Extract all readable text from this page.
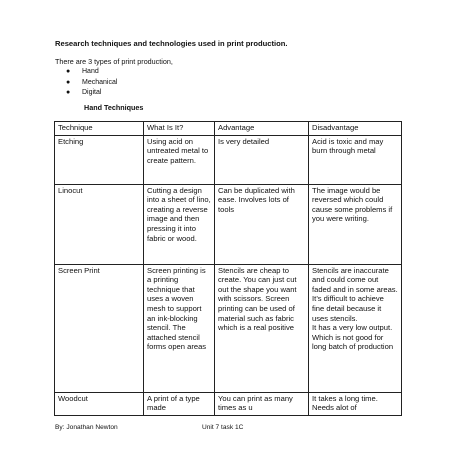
Research techniques and technologies used in print production.
There are 3 types of print production,
● Hand
● Mechanical
● Digital
Hand Techniques
Technique	What Is It?	Advantage	Disadvantage
Etching	Using acid on untreated metal to create pattern.	Is very detailed	Acid is toxic and may burn through metal
Linocut	Cutting a design into a sheet of lino, creating a reverse image and then pressing it into fabric or wood.	Can be duplicated with ease. Involves lots of tools	The image would be reversed which could cause some problems if you were writing.
Screen Print	Screen printing is a printing technique that uses a woven mesh to support an ink-blocking stencil. The attached stencil forms open areas	Stencils are cheap to create. You can just cut out the shape you want with scissors. Screen printing can be used of material such as fabric which is a real positive	Stencils are inaccurate and could come out faded and in some areas.
It’s difficult to achieve fine detail because it uses stencils.
It has a very low output. Which is not good for long batch of production
Woodcut	A print of a type made	You can print as many times as u	It takes a long time. Needs alot of
By: Jonathan Newton	Unit 7 task 1C
